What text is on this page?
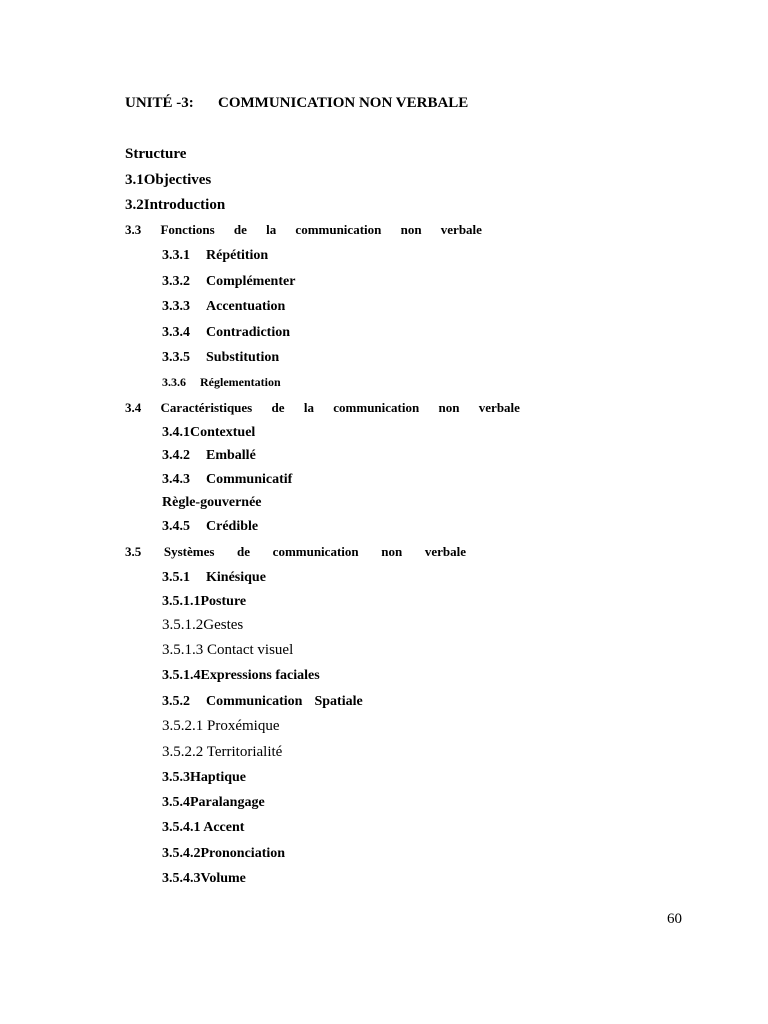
UNITÉ -3: COMMUNICATION NON VERBALE
Structure
3.1Objectives
3.2Introduction
3.3 Fonctions de la communication non verbale
3.3.1 Répétition
3.3.2 Complémenter
3.3.3 Accentuation
3.3.4 Contradiction
3.3.5 Substitution
3.3.6 Réglementation
3.4 Caractéristiques de la communication non verbale
3.4.1Contextuel
3.4.2 Emballé
3.4.3 Communicatif
Règle-gouvernée
3.4.5 Crédible
3.5 Systèmes de communication non verbale
3.5.1 Kinésique
3.5.1.1Posture
3.5.1.2Gestes
3.5.1.3 Contact visuel
3.5.1.4Expressions faciales
3.5.2 Communication Spatiale
3.5.2.1 Proxémique
3.5.2.2 Territorialité
3.5.3Haptique
3.5.4Paralangage
3.5.4.1 Accent
3.5.4.2Prononciation
3.5.4.3Volume
60
